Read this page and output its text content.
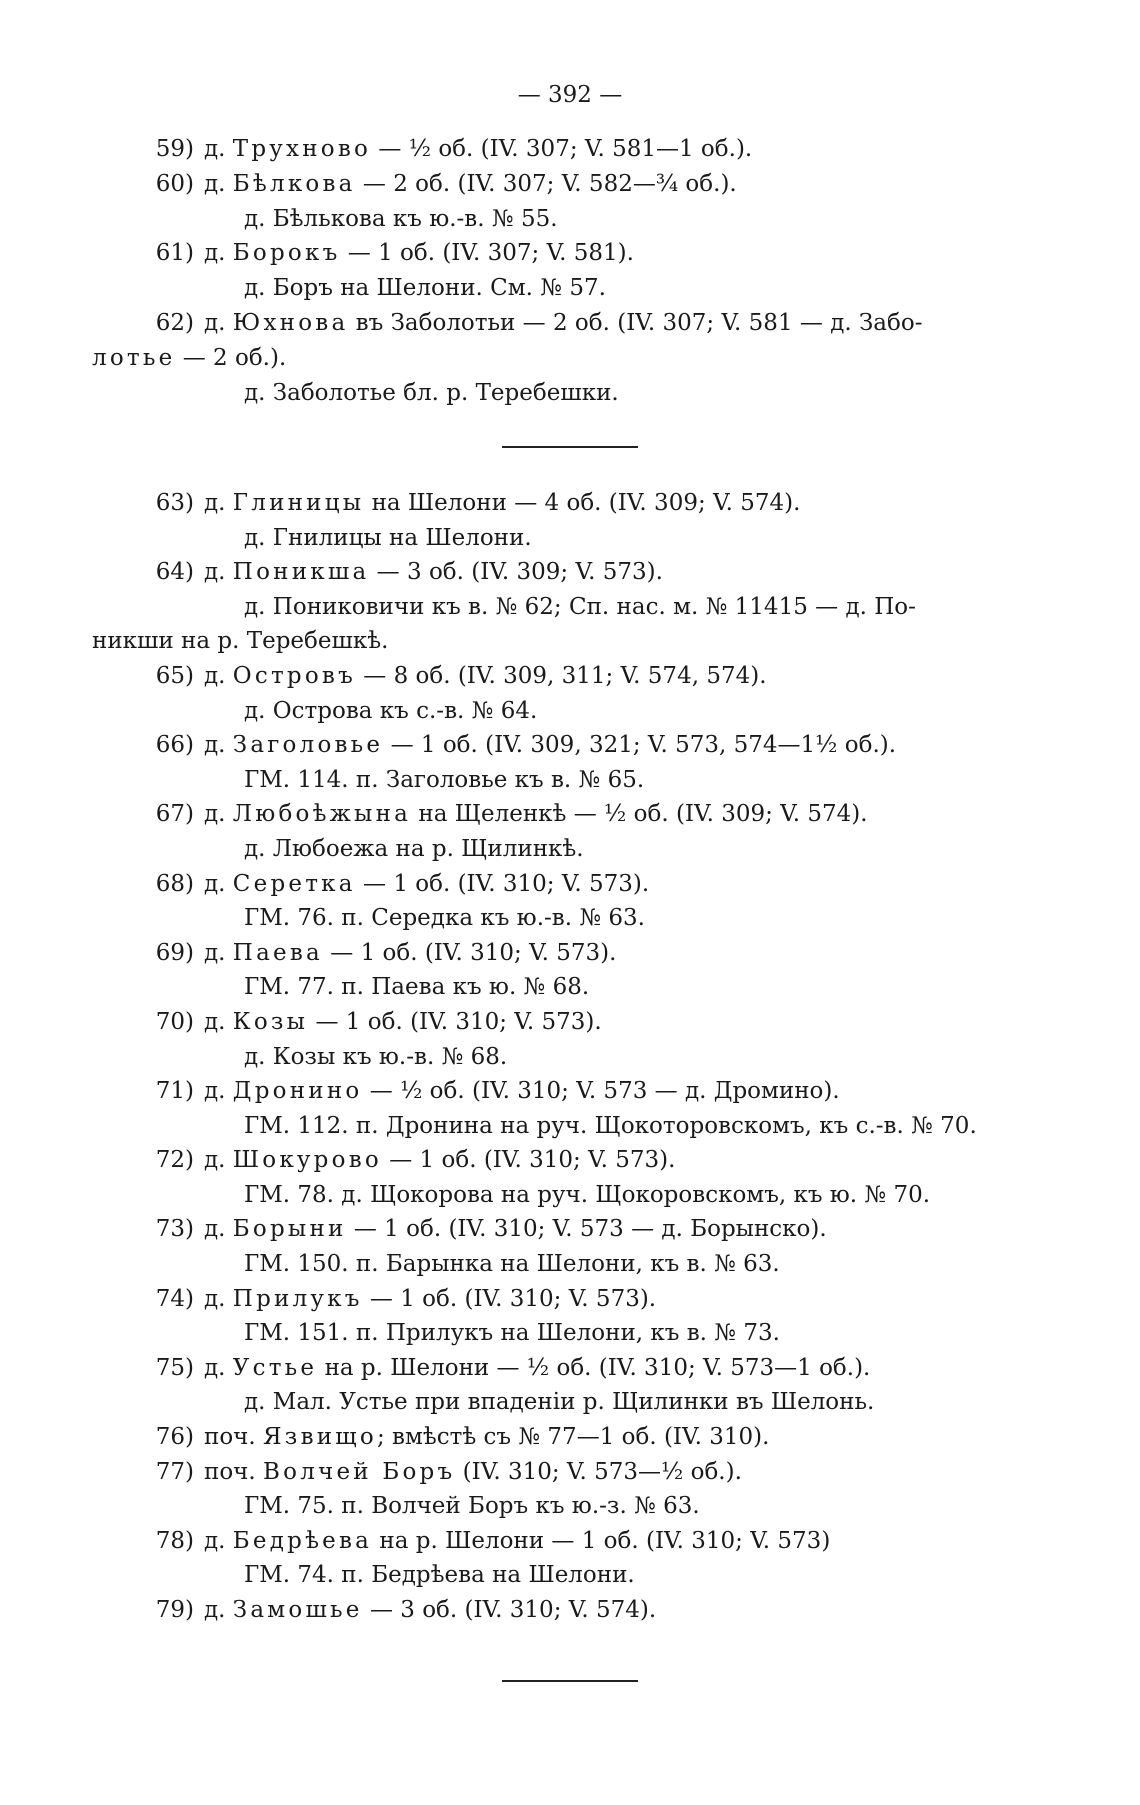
— 392 —
59) д. Трухново — ½ об. (IV. 307; V. 581—1 об.).
60) д. Бѣлкова — 2 об. (IV. 307; V. 582—¾ об.).
д. Бѣлькова къ ю.-в. № 55.
61) д. Борокъ — 1 об. (IV. 307; V. 581).
д. Боръ на Шелони. См. № 57.
62) д. Юхнова въ Заболотьи — 2 об. (IV. 307; V. 581 — д. Забо-
лотье — 2 об.).
д. Заболотье бл. р. Теребешки.
63) д. Глиницы на Шелони — 4 об. (IV. 309; V. 574).
д. Гнилицы на Шелони.
64) д. Поникша — 3 об. (IV. 309; V. 573).
д. Пониковичи къ в. № 62; Сп. нас. м. № 11415 — д. По-
никши на р. Теребешкѣ.
65) д. Островъ — 8 об. (IV. 309, 311; V. 574, 574).
д. Острова къ с.-в. № 64.
66) д. Заголовье — 1 об. (IV. 309, 321; V. 573, 574—1½ об.).
ГМ. 114. п. Заголовье къ в. № 65.
67) д. Любоѣжына на Щеленкѣ — ½ об. (IV. 309; V. 574).
д. Любоежа на р. Щилинкѣ.
68) д. Серетка — 1 об. (IV. 310; V. 573).
ГМ. 76. п. Середка къ ю.-в. № 63.
69) д. Паева — 1 об. (IV. 310; V. 573).
ГМ. 77. п. Паева къ ю. № 68.
70) д. Козы — 1 об. (IV. 310; V. 573).
д. Козы къ ю.-в. № 68.
71) д. Дронино — ½ об. (IV. 310; V. 573 — д. Дромино).
ГМ. 112. п. Дронина на руч. Щокоторовскомъ, къ с.-в. № 70.
72) д. Шокурово — 1 об. (IV. 310; V. 573).
ГМ. 78. д. Щокорова на руч. Щокоровскомъ, къ ю. № 70.
73) д. Борыни — 1 об. (IV. 310; V. 573 — д. Борынско).
ГМ. 150. п. Барынка на Шелони, къ в. № 63.
74) д. Прилукъ — 1 об. (IV. 310; V. 573).
ГМ. 151. п. Прилукъ на Шелони, къ в. № 73.
75) д. Устье на р. Шелони — ½ об. (IV. 310; V. 573—1 об.).
д. Мал. Устье при впаденіи р. Щилинки въ Шелонь.
76) поч. Язвищо; вмѣстѣ съ № 77—1 об. (IV. 310).
77) поч. Волчей Боръ (IV. 310; V. 573—½ об.).
ГМ. 75. п. Волчей Боръ къ ю.-з. № 63.
78) д. Бедрѣева на р. Шелони — 1 об. (IV. 310; V. 573)
ГМ. 74. п. Бедрѣева на Шелони.
79) д. Замошье — 3 об. (IV. 310; V. 574).
